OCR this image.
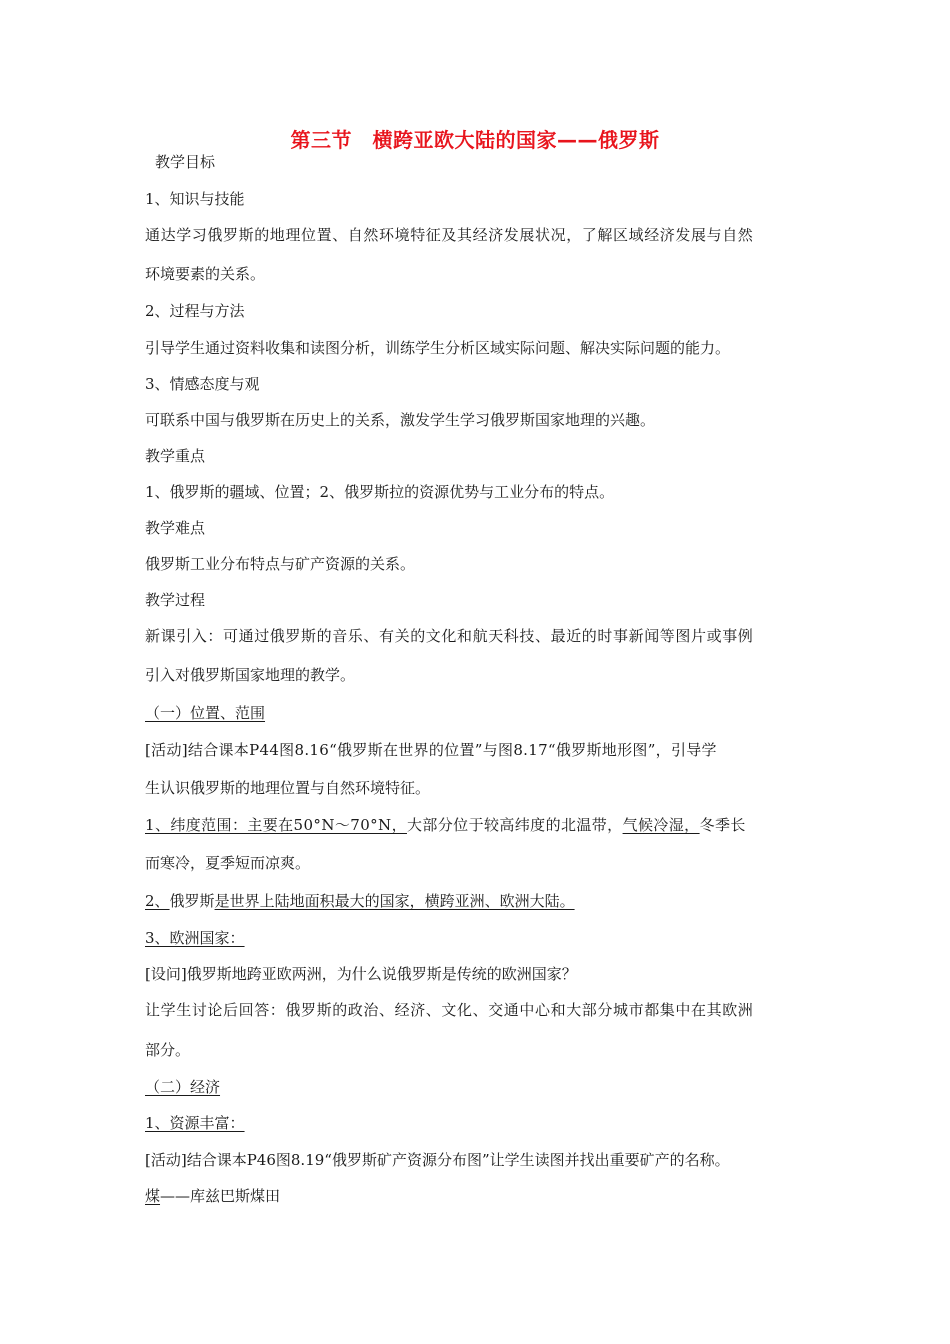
第三节　横跨亚欧大陆的国家——俄罗斯
教学目标
1、知识与技能
通达学习俄罗斯的地理位置、自然环境特征及其经济发展状况，了解区域经济发展与自然
环境要素的关系。
2、过程与方法
引导学生通过资料收集和读图分析，训练学生分析区域实际问题、解决实际问题的能力。
3、情感态度与观
可联系中国与俄罗斯在历史上的关系，激发学生学习俄罗斯国家地理的兴趣。
教学重点
1、俄罗斯的疆域、位置；2、俄罗斯拉的资源优势与工业分布的特点。
教学难点
俄罗斯工业分布特点与矿产资源的关系。
教学过程
新课引入：可通过俄罗斯的音乐、有关的文化和航天科技、最近的时事新闻等图片或事例
引入对俄罗斯国家地理的教学。
（一）位置、范围
[活动]结合课本P44图8.16“俄罗斯在世界的位置”与图8.17“俄罗斯地形图”，引导学
生认识俄罗斯的地理位置与自然环境特征。
1、纬度范围：主要在50°N～70°N，大部分位于较高纬度的北温带，气候冷湿，冬季长
而寒冷，夏季短而凉爽。
2、俄罗斯是世界上陆地面积最大的国家，横跨亚洲、欧洲大陆。
3、欧洲国家：
[设问]俄罗斯地跨亚欧两洲，为什么说俄罗斯是传统的欧洲国家？
让学生讨论后回答：俄罗斯的政治、经济、文化、交通中心和大部分城市都集中在其欧洲
部分。
（二）经济
1、资源丰富：
[活动]结合课本P46图8.19“俄罗斯矿产资源分布图”让学生读图并找出重要矿产的名称。
煤——库兹巴斯煤田
